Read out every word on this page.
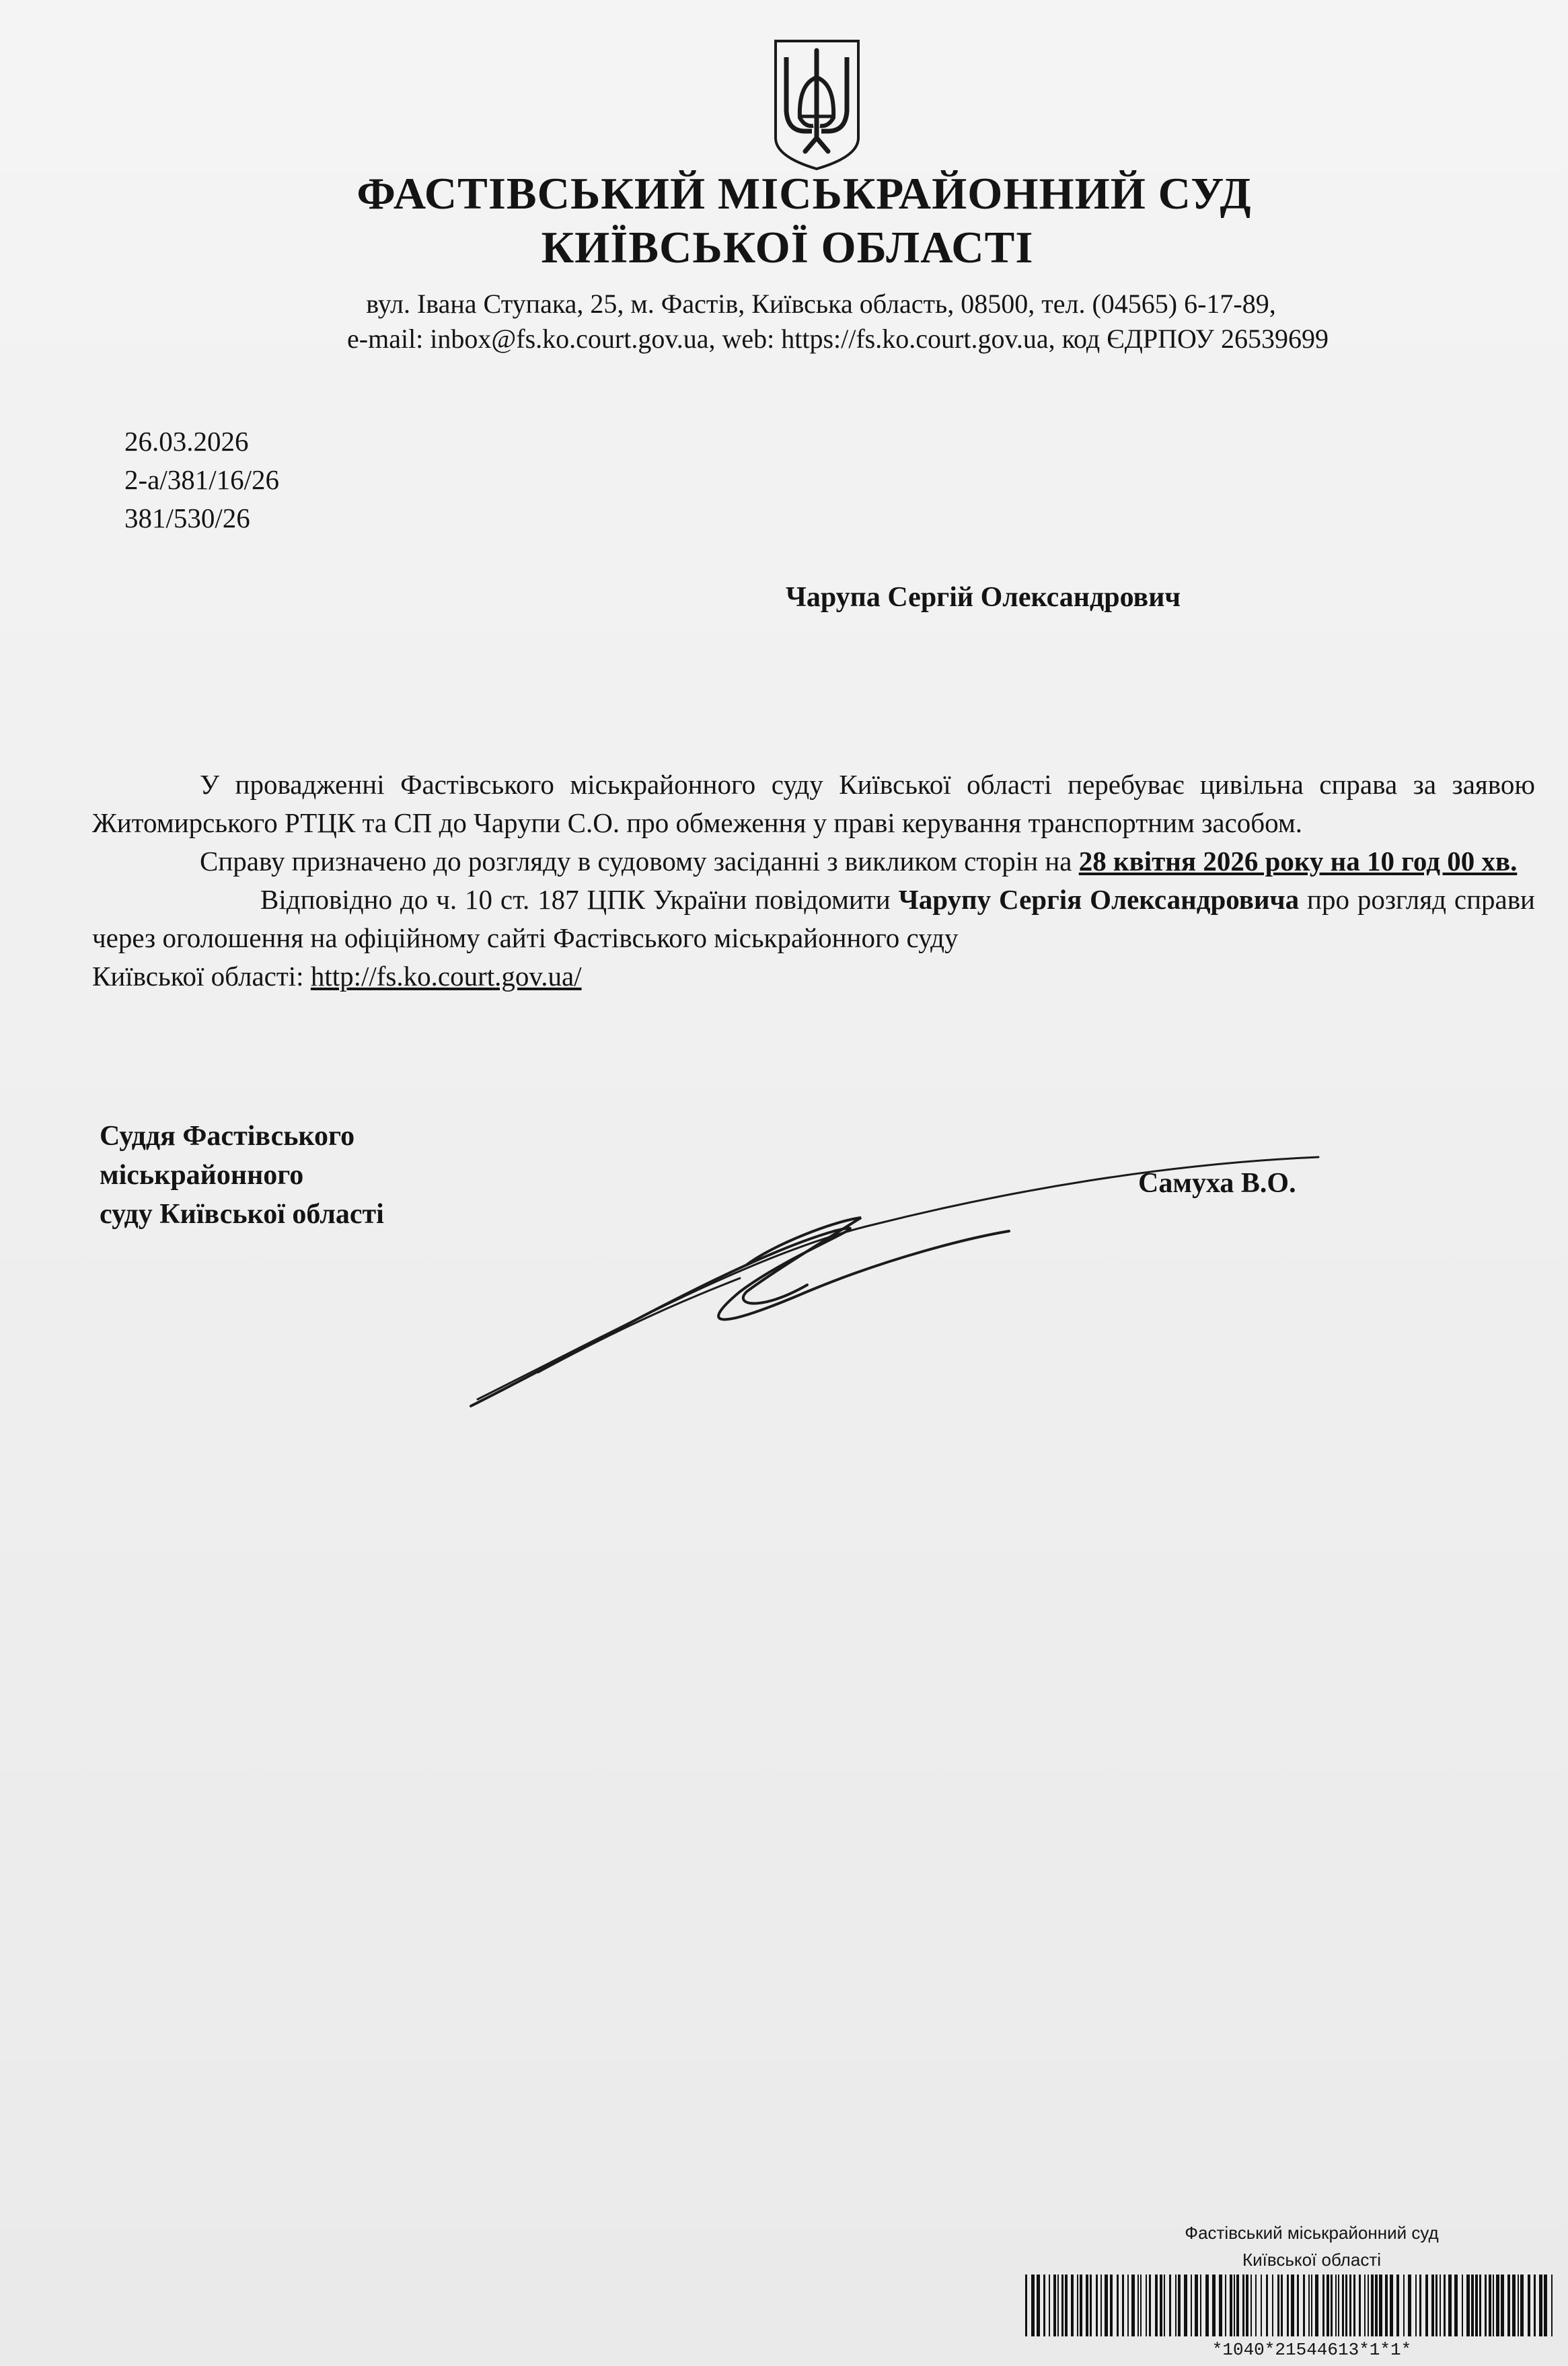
ФАСТІВСЬКИЙ МІСЬКРАЙОННИЙ СУД
КИЇВСЬКОЇ ОБЛАСТІ
вул. Івана Ступака, 25, м. Фастів, Київська область, 08500, тел. (04565) 6-17-89,
e-mail: inbox@fs.ko.court.gov.ua, web: https://fs.ko.court.gov.ua, код ЄДРПОУ 26539699
26.03.2026
2-а/381/16/26
381/530/26
Чарупа Сергій Олександрович

У провадженні Фастівського міськрайонного суду Київської області перебуває цивільна справа за заявою Житомирського РТЦК та СП до Чарупи С.О. про обмеження у праві керування транспортним засобом.

Справу призначено до розгляду в судовому засіданні з викликом сторін на 28 квітня 2026 року на 10 год 00 хв.

Відповідно до ч. 10 ст. 187 ЦПК України повідомити Чарупу Сергія Олександровича про розгляд справи через оголошення на офіційному сайті Фастівського міськрайонного суду

Київської області: http://fs.ko.court.gov.ua/

Суддя Фастівського
міськрайонного
суду Київської області
Самуха В.О.
Фастівський міськрайонний суд
Київської області
*1040*21544613*1*1*
